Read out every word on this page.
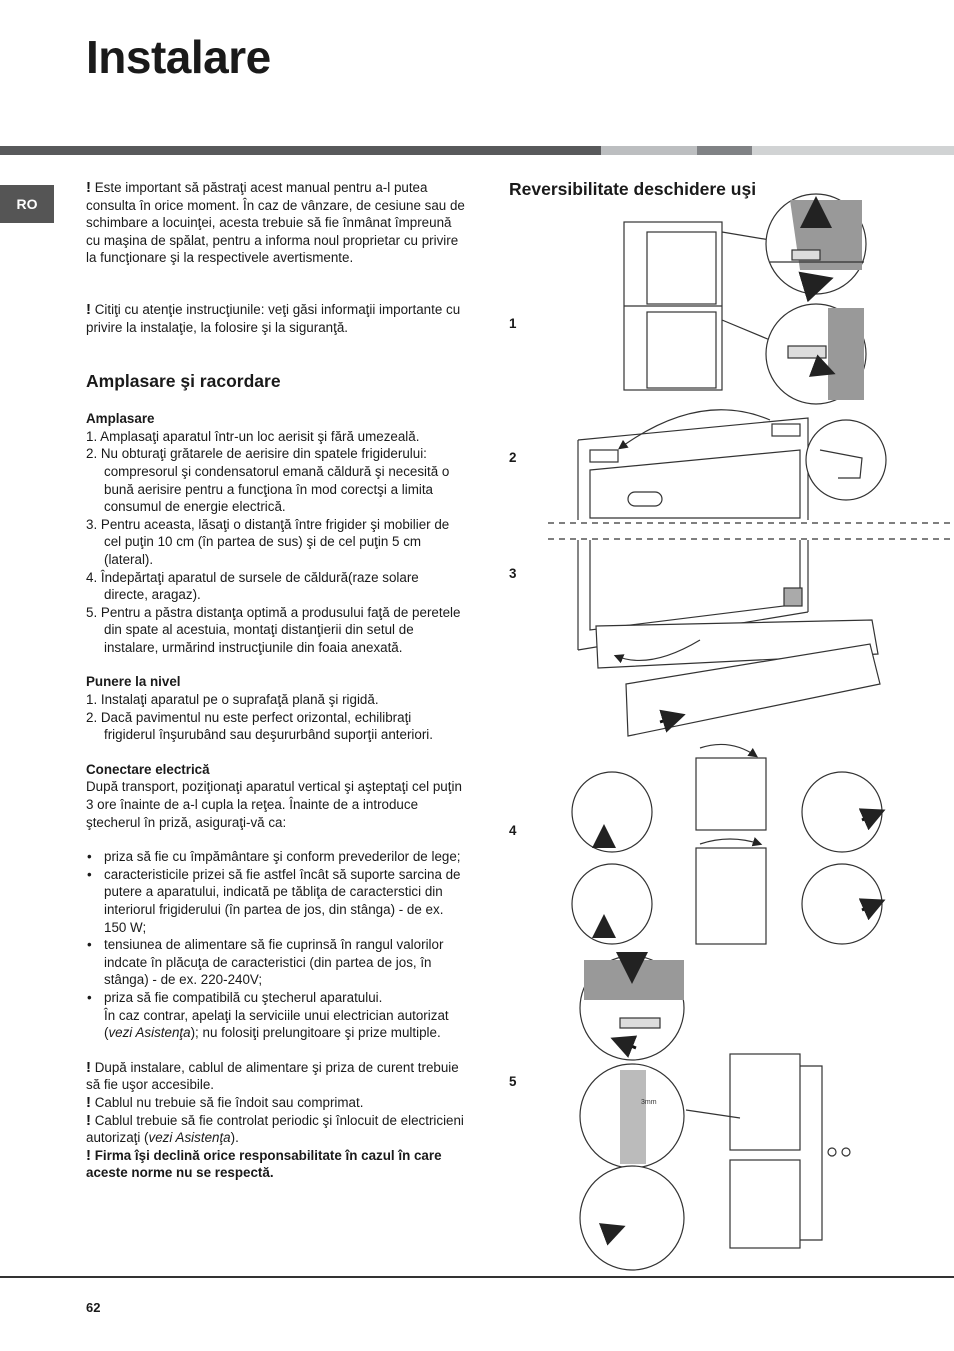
Instalare
RO

! Este important să păstraţi acest manual pentru a-l putea consulta în orice moment. În caz de vânzare, de cesiune sau de schimbare a locuinţei, acesta trebuie să fie înmânat împreună cu maşina de spălat, pentru a informa noul proprietar cu privire la funcţionare şi la respectivele avertismente.

! Citiţi cu atenţie instrucţiunile: veţi găsi informaţii importante cu privire la instalaţie, la folosire şi la siguranţă.

Amplasare şi racordare
Amplasare
1. Amplasaţi aparatul într-un loc aerisit şi fără umezeală.
2. Nu obturaţi grătarele de aerisire din spatele frigiderului: compresorul şi condensatorul emană căldură şi necesită o bună aerisire pentru a funcţiona în mod corectşi a limita consumul de energie electrică.
3. Pentru aceasta, lăsaţi o distanţă între frigider şi mobilier de cel puţin 10 cm (în partea de sus) şi de cel puţin 5 cm (lateral).
4. Îndepărtaţi aparatul de sursele de căldură(raze solare directe, aragaz).
5. Pentru a păstra distanţa optimă a produsului faţă de peretele din spate al acestuia, montaţi distanţierii din setul de instalare, urmărind instrucţiunile din foaia anexată.
Punere la nivel
1. Instalaţi aparatul pe o suprafaţă plană şi rigidă.
2. Dacă pavimentul nu este perfect orizontal, echilibraţi frigiderul înşurubând sau deşururbând suporţii anteriori.
Conectare electrică

După transport, poziţionaţi aparatul vertical şi aşteptaţi cel puţin 3 ore înainte de a-l cupla la reţea. Înainte de a introduce ştecherul în priză, asiguraţi-vă ca:

• priza să fie cu împământare şi conform prevederilor de lege;
• caracteristicile prizei să fie astfel încât să suporte sarcina de putere a aparatului, indicată pe tăbliţa de caracterstici din interiorul frigiderului (în partea de jos, din stânga) - de ex. 150 W;
• tensiunea de alimentare să fie cuprinsă în rangul valorilor indcate în plăcuţa de caracteristici (din partea de jos, în stânga) - de ex. 220-240V;
• priza să fie compatibilă cu ştecherul aparatului.

În caz contrar, apelaţi la serviciile unui electrician autorizat (vezi Asistenţa); nu folosiţi prelungitoare şi prize multiple.

! După instalare, cablul de alimentare şi priza de curent trebuie să fie uşor accesibile.

! Cablul nu trebuie să fie îndoit sau comprimat.

! Cablul trebuie să fie controlat periodic şi înlocuit de electricieni autorizaţi (vezi Asistenţa).

! Firma îşi declină orice responsabilitate în cazul în care aceste norme nu se respectă.

Reversibilitate deschidere uşi
1
2
3
4
5
3mm
62
